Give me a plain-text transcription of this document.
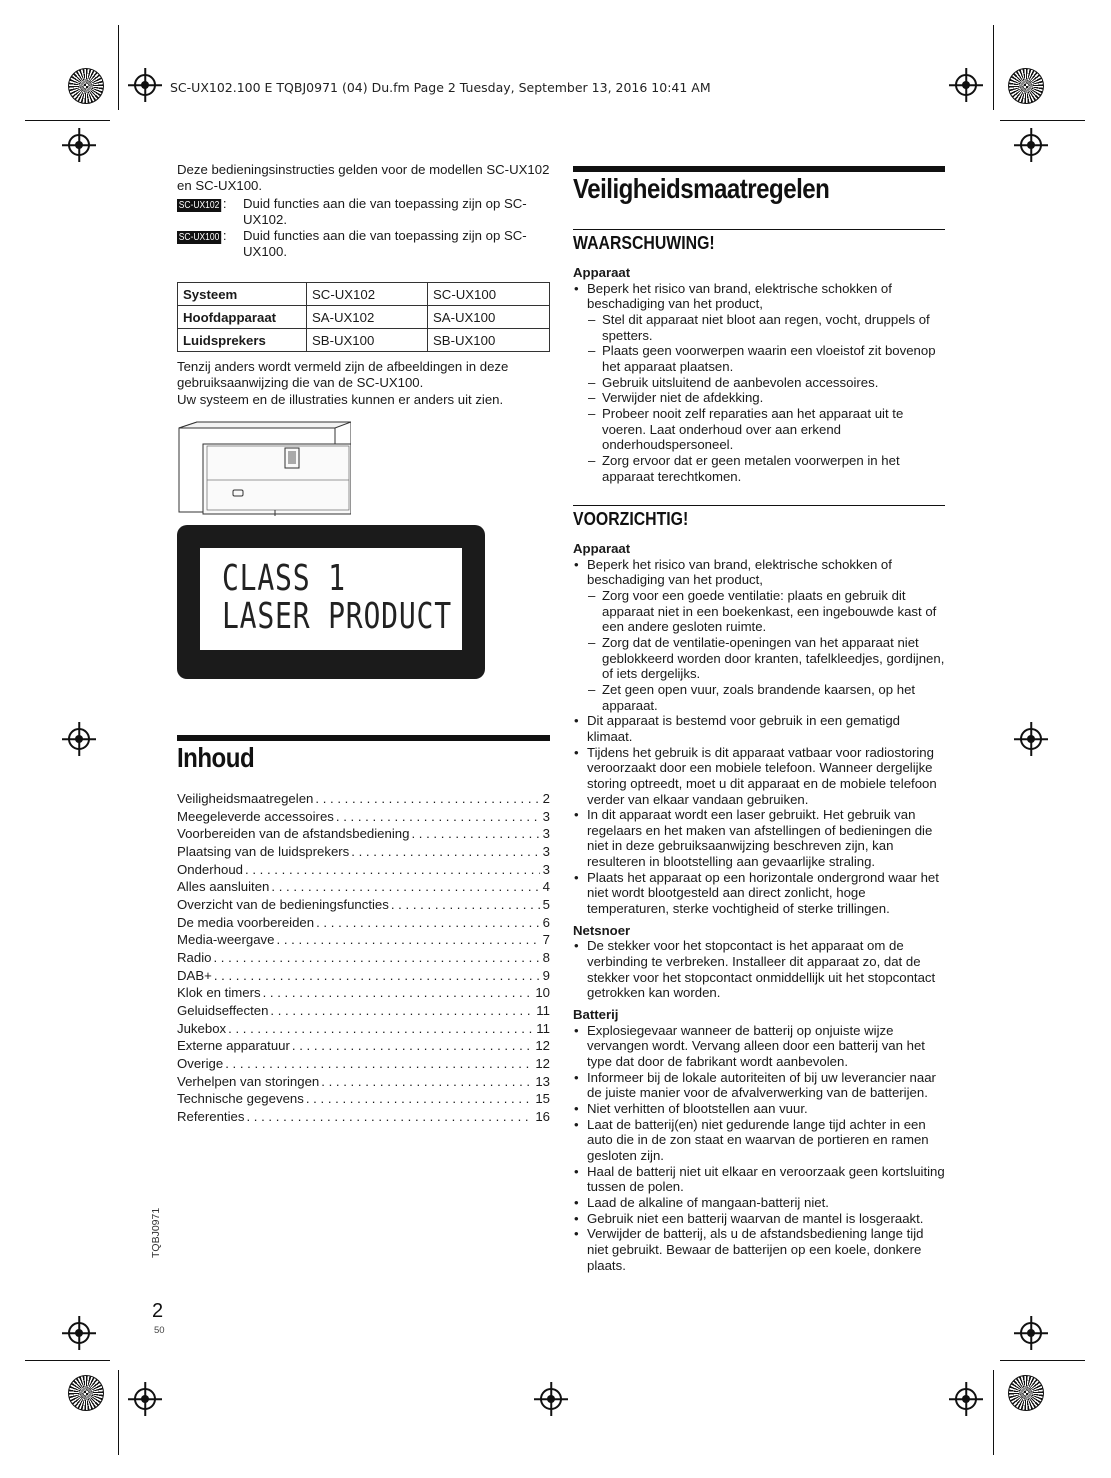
SC-UX102.100 E TQBJ0971 (04) Du.fm Page 2 Tuesday, September 13, 2016 10:41 AM
Deze bedieningsinstructies gelden voor de modellen SC-UX102 en SC-UX100.
SC-UX102 :	Duid functies aan die van toepassing zijn op SC-UX102.
SC-UX100 :	Duid functies aan die van toepassing zijn op SC-UX100.
Systeem	SC-UX102	SC-UX100
Hoofdapparaat	SA-UX102	SA-UX100
Luidsprekers	SB-UX100	SB-UX100
Tenzij anders wordt vermeld zijn de afbeeldingen in deze gebruiksaanwijzing die van de SC-UX100.
Uw systeem en de illustraties kunnen er anders uit zien.
CLASS 1
LASER PRODUCT
Inhoud
Veiligheidsmaatregelen . . .	2
Meegeleverde accessoires . . .	3
Voorbereiden van de afstandsbediening . . .	3
Plaatsing van de luidsprekers . . .	3
Onderhoud . . .	3
Alles aansluiten . . .	4
Overzicht van de bedieningsfuncties . . .	5
De media voorbereiden . . .	6
Media-weergave . . .	7
Radio . . .	8
DAB+ . . .	9
Klok en timers . . .	10
Geluidseffecten . . .	11
Jukebox . . .	11
Externe apparatuur . . .	12
Overige . . .	12
Verhelpen van storingen . . .	13
Technische gegevens . . .	15
Referenties . . .	16
Veiligheidsmaatregelen
WAARSCHUWING!
Apparaat
• Beperk het risico van brand, elektrische schokken of beschadiging van het product,
– Stel dit apparaat niet bloot aan regen, vocht, druppels of spetters.
– Plaats geen voorwerpen waarin een vloeistof zit bovenop het apparaat plaatsen.
– Gebruik uitsluitend de aanbevolen accessoires.
– Verwijder niet de afdekking.
– Probeer nooit zelf reparaties aan het apparaat uit te voeren. Laat onderhoud over aan erkend onderhoudspersoneel.
– Zorg ervoor dat er geen metalen voorwerpen in het apparaat terechtkomen.
VOORZICHTIG!
Apparaat
• Beperk het risico van brand, elektrische schokken of beschadiging van het product,
– Zorg voor een goede ventilatie: plaats en gebruik dit apparaat niet in een boekenkast, een ingebouwde kast of een andere gesloten ruimte.
– Zorg dat de ventilatie-openingen van het apparaat niet geblokkeerd worden door kranten, tafelkleedjes, gordijnen, of iets dergelijks.
– Zet geen open vuur, zoals brandende kaarsen, op het apparaat.
• Dit apparaat is bestemd voor gebruik in een gematigd klimaat.
• Tijdens het gebruik is dit apparaat vatbaar voor radiostoring veroorzaakt door een mobiele telefoon. Wanneer dergelijke storing optreedt, moet u dit apparaat en de mobiele telefoon verder van elkaar vandaan gebruiken.
• In dit apparaat wordt een laser gebruikt. Het gebruik van regelaars en het maken van afstellingen of bedieningen die niet in deze gebruiksaanwijzing beschreven zijn, kan resulteren in blootstelling aan gevaarlijke straling.
• Plaats het apparaat op een horizontale ondergrond waar het niet wordt blootgesteld aan direct zonlicht, hoge temperaturen, sterke vochtigheid of sterke trillingen.
Netsnoer
• De stekker voor het stopcontact is het apparaat om de verbinding te verbreken. Installeer dit apparaat zo, dat de stekker voor het stopcontact onmiddellijk uit het stopcontact getrokken kan worden.
Batterij
• Explosiegevaar wanneer de batterij op onjuiste wijze vervangen wordt. Vervang alleen door een batterij van het type dat door de fabrikant wordt aanbevolen.
• Informeer bij de lokale autoriteiten of bij uw leverancier naar de juiste manier voor de afvalverwerking van de batterijen.
• Niet verhitten of blootstellen aan vuur.
• Laat de batterij(en) niet gedurende lange tijd achter in een auto die in de zon staat en waarvan de portieren en ramen gesloten zijn.
• Haal de batterij niet uit elkaar en veroorzaak geen kortsluiting tussen de polen.
• Laad de alkaline of mangaan-batterij niet.
• Gebruik niet een batterij waarvan de mantel is losgeraakt.
• Verwijder de batterij, als u de afstandsbediening lange tijd niet gebruikt. Bewaar de batterijen op een koele, donkere plaats.
TQBJ0971
2
50
